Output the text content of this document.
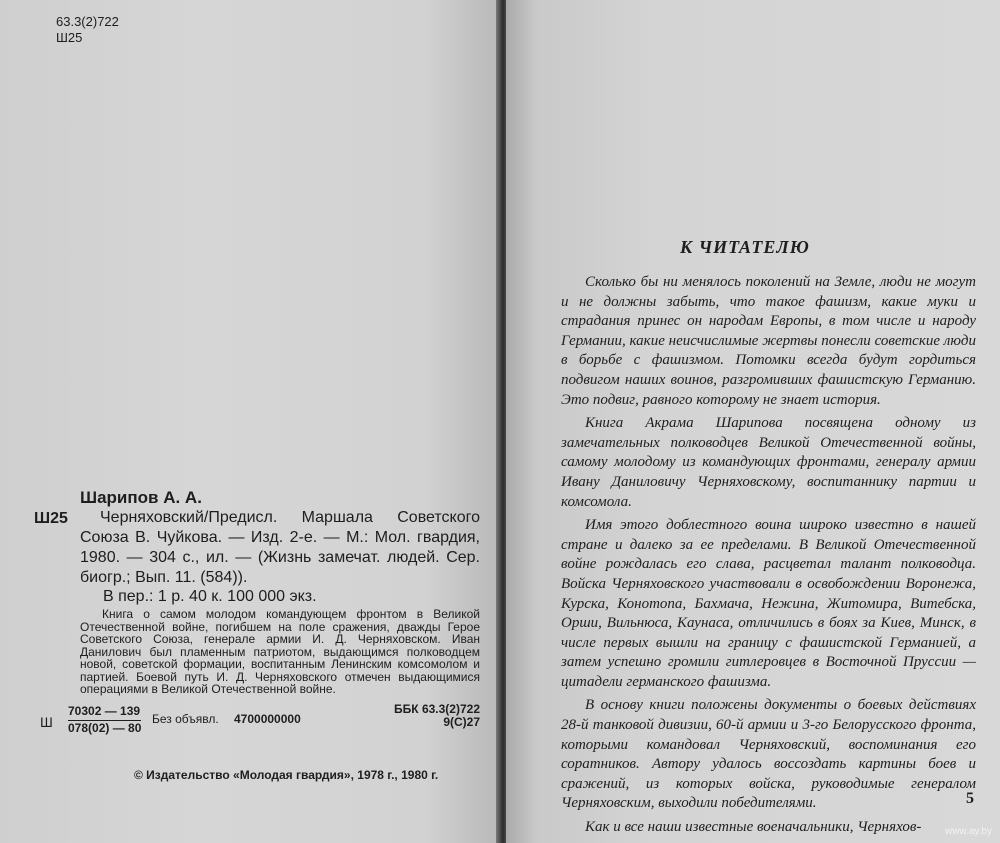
63.3(2)722
Ш25
Шарипов А. А.
Ш25	Черняховский/Предисл. Маршала Советского Союза В. Чуйкова. — Изд. 2-е. — М.: Мол. гвардия, 1980. — 304 с., ил. — (Жизнь замечат. людей. Сер. биогр.; Вып. 11. (584)).
В пер.: 1 р. 40 к. 100 000 экз.
Книга о самом молодом командующем фронтом в Великой Отечественной войне, погибшем на поле сражения, дважды Герое Советского Союза, генерале армии И. Д. Черняховском. Иван Данилович был пламенным патриотом, выдающимся полководцем новой, советской формации, воспитанным Ленинским комсомолом и партией. Боевой путь И. Д. Черняховского отмечен выдающимися операциями в Великой Отечественной войне.
Ш $\frac{70302 — 139}{078(02) — 80}$ Без объявл. 4700000000
ББК 63.3(2)722
9(С)27
© Издательство «Молодая гвардия», 1978 г., 1980 г.
К ЧИТАТЕЛЮ

Сколько бы ни менялось поколений на Земле, люди не могут и не должны забыть, что такое фашизм, какие муки и страдания принес он народам Европы, в том числе и народу Германии, какие неисчислимые жертвы понесли советские люди в борьбе с фашизмом. Потомки всегда будут гордиться подвигом наших воинов, разгромивших фашистскую Германию. Это подвиг, равного которому не знает история.

Книга Акрама Шарипова посвящена одному из замечательных полководцев Великой Отечественной войны, самому молодому из командующих фронтами, генералу армии Ивану Даниловичу Черняховскому, воспитаннику партии и комсомола.

Имя этого доблестного воина широко известно в нашей стране и далеко за ее пределами. В Великой Отечественной войне рождалась его слава, расцветал талант полководца. Войска Черняховского участвовали в освобождении Воронежа, Курска, Конотопа, Бахмача, Нежина, Житомира, Витебска, Орши, Вильнюса, Каунаса, отличились в боях за Киев, Минск, в числе первых вышли на границу с фашистской Германией, а затем успешно громили гитлеровцев в Восточной Пруссии — цитадели германского фашизма.

В основу книги положены документы о боевых действиях 28-й танковой дивизии, 60-й армии и 3-го Белорусского фронта, которыми командовал Черняховский, воспоминания его соратников. Автору удалось воссоздать картины боев и сражений, из которых войска, руководимые генералом Черняховским, выходили победителями.

Как и все наши известные военачальники, Черняхов-

5
www.ay.by
